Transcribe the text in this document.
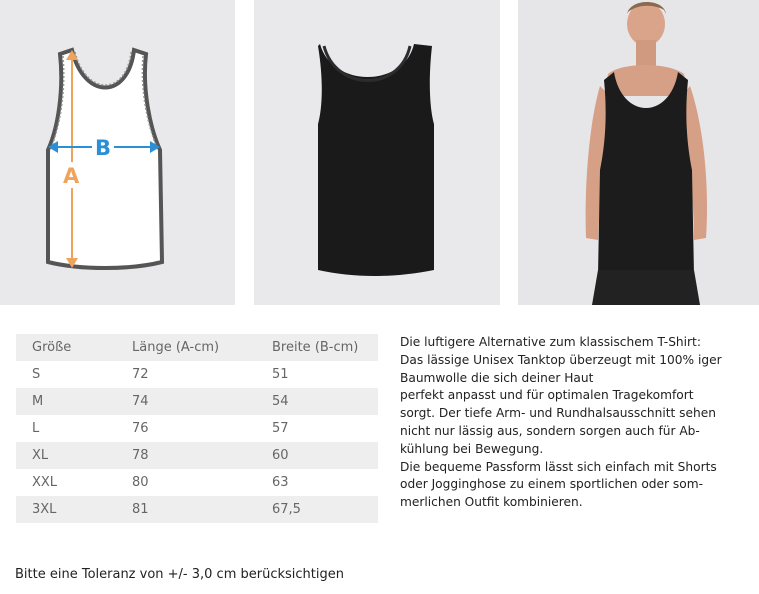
B
A
Größe	Länge (A-cm)	Breite (B-cm)
S	72	51
M	74	54
L	76	57
XL	78	60
XXL	80	63
3XL	81	67,5
Die luftigere Alternative zum klassischem T-Shirt:
Das lässige Unisex Tanktop überzeugt mit 100% iger
Baumwolle die sich deiner Haut
perfekt anpasst und für optimalen Tragekomfort
sorgt. Der tiefe Arm- und Rundhalsausschnitt sehen
nicht nur lässig aus, sondern sorgen auch für Ab-
kühlung bei Bewegung.
Die bequeme Passform lässt sich einfach mit Shorts
oder Jogginghose zu einem sportlichen oder som-
merlichen Outfit kombinieren.
Bitte eine Toleranz von +/- 3,0 cm berücksichtigen
